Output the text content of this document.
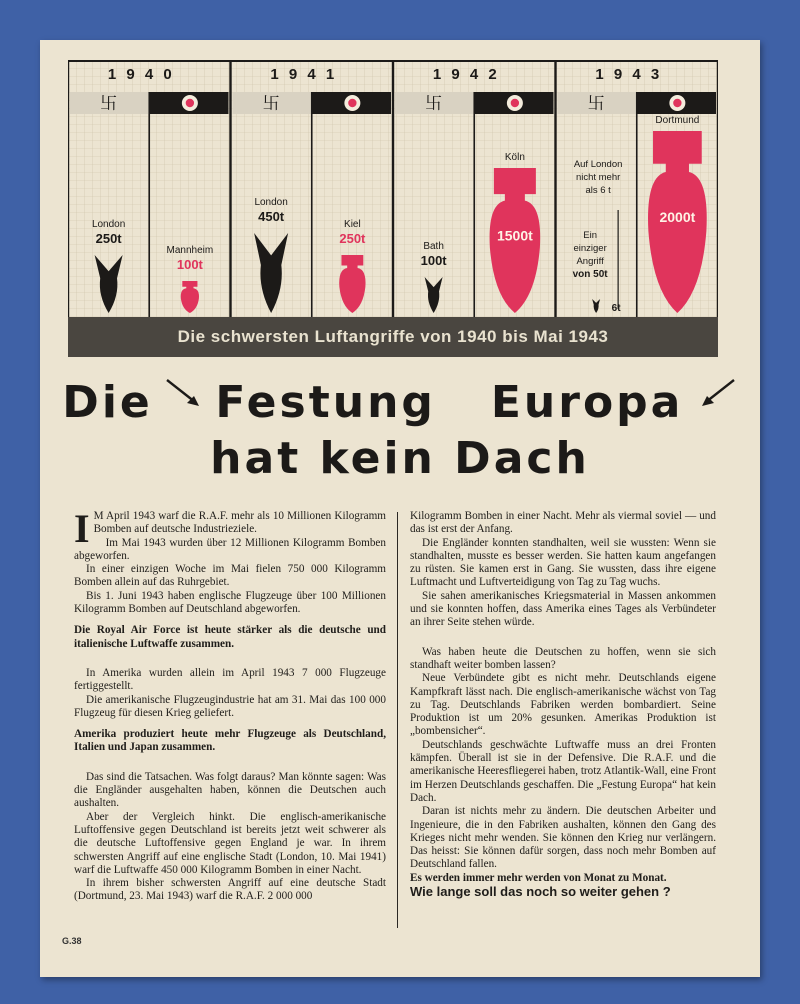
1 9 4 0
卐
1 9 4 1
卐
1 9 4 2
卐
1 9 4 3
卐
London
250t
Mannheim
100t
London
450t
Kiel
250t
Bath
100t
Köln
1500t
Auf London
nicht mehr
als 6 t
Ein
einziger
Angriff
von 50t
6t
Dortmund
2000t
Die schwersten Luftangriffe von 1940 bis Mai 1943
Die Festung Europa
hat kein Dach

I M April 1943 warf die R.A.F. mehr als 10 Millionen Kilogramm Bomben auf deutsche Industrieziele.

Im Mai 1943 wurden über 12 Millionen Kilogramm Bomben abgeworfen.

In einer einzigen Woche im Mai fielen 750 000 Kilogramm Bomben allein auf das Ruhrgebiet.

Bis 1. Juni 1943 haben englische Flugzeuge über 100 Millionen Kilogramm Bomben auf Deutschland abgeworfen.

Die Royal Air Force ist heute stärker als die deutsche und italienische Luftwaffe zusammen.

In Amerika wurden allein im April 1943 7 000 Flugzeuge fertiggestellt.

Die amerikanische Flugzeugindustrie hat am 31. Mai das 100 000 Flugzeug für diesen Krieg geliefert.

Amerika produziert heute mehr Flugzeuge als Deutschland, Italien und Japan zusammen.

Das sind die Tatsachen. Was folgt daraus? Man könnte sagen: Was die Engländer ausgehalten haben, können die Deutschen auch aushalten.

Aber der Vergleich hinkt. Die englisch-amerikanische Luftoffensive gegen Deutschland ist bereits jetzt weit schwerer als die deutsche Luftoffensive gegen England je war. In ihrem schwersten Angriff auf eine englische Stadt (London, 10. Mai 1941) warf die Luftwaffe 450 000 Kilogramm Bomben in einer Nacht.

In ihrem bisher schwersten Angriff auf eine deutsche Stadt (Dortmund, 23. Mai 1943) warf die R.A.F. 2 000 000

Kilogramm Bomben in einer Nacht. Mehr als viermal soviel — und das ist erst der Anfang.

Die Engländer konnten standhalten, weil sie wussten: Wenn sie standhalten, musste es besser werden. Sie hatten kaum angefangen zu rüsten. Sie kamen erst in Gang. Sie wussten, dass ihre eigene Luftmacht und Luftverteidigung von Tag zu Tag wuchs.

Sie sahen amerikanisches Kriegsmaterial in Massen ankommen und sie konnten hoffen, dass Amerika eines Tages als Verbündeter an ihrer Seite stehen würde.

Was haben heute die Deutschen zu hoffen, wenn sie sich standhaft weiter bomben lassen?

Neue Verbündete gibt es nicht mehr. Deutschlands eigene Kampfkraft lässt nach. Die englisch-amerikanische wächst von Tag zu Tag. Deutschlands Fabriken werden bombardiert. Seine Produktion ist um 20% gesunken. Amerikas Produktion ist „bombensicher“.

Deutschlands geschwächte Luftwaffe muss an drei Fronten kämpfen. Überall ist sie in der Defensive. Die R.A.F. und die amerikanische Heeresfliegerei haben, trotz Atlantik-Wall, eine Front im Herzen Deutschlands geschaffen. Die „Festung Europa“ hat kein Dach.

Daran ist nichts mehr zu ändern. Die deutschen Arbeiter und Ingenieure, die in den Fabriken aushalten, können den Gang des Krieges nicht mehr wenden. Sie können den Krieg nur verlängern. Das heisst: Sie können dafür sorgen, dass noch mehr Bomben auf Deutschland fallen.

Es werden immer mehr werden von Monat zu Monat.

Wie lange soll das noch so weiter gehen ?

G.38
